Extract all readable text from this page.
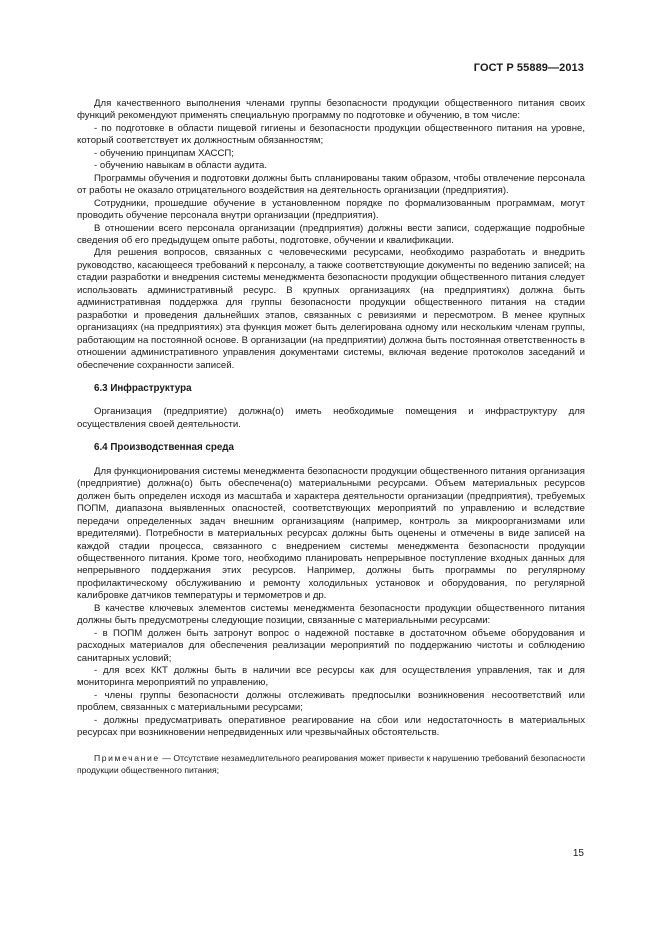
ГОСТ Р 55889—2013

Для качественного выполнения членами группы безопасности продукции общественного питания своих функций рекомендуют применять специальную программу по подготовке и обучению, в том числе:

- по подготовке в области пищевой гигиены и безопасности продукции общественного питания на уровне, который соответствует их должностным обязанностям;

- обучению принципам ХАССП;

- обучению навыкам в области аудита.

Программы обучения и подготовки должны быть спланированы таким образом, чтобы отвлечение персонала от работы не оказало отрицательного воздействия на деятельность организации (предприятия).

Сотрудники, прошедшие обучение в установленном порядке по формализованным программам, могут проводить обучение персонала внутри организации (предприятия).

В отношении всего персонала организации (предприятия) должны вести записи, содержащие подробные сведения об его предыдущем опыте работы, подготовке, обучении и квалификации.

Для решения вопросов, связанных с человеческими ресурсами, необходимо разработать и внедрить руководство, касающееся требований к персоналу, а также соответствующие документы по ведению записей; на стадии разработки и внедрения системы менеджмента безопасности продукции общественного питания следует использовать административный ресурс. В крупных организациях (на предприятиях) должна быть административная поддержка для группы безопасности продукции общественного питания на стадии разработки и проведения дальнейших этапов, связанных с ревизиями и пересмотром. В менее крупных организациях (на предприятиях) эта функция может быть делегирована одному или нескольким членам группы, работающим на постоянной основе. В организации (на предприятии) должна быть постоянная ответственность в отношении административного управления документами системы, включая ведение протоколов заседаний и обеспечение сохранности записей.

6.3 Инфраструктура

Организация (предприятие) должна(о) иметь необходимые помещения и инфраструктуру для осуществления своей деятельности.

6.4 Производственная среда

Для функционирования системы менеджмента безопасности продукции общественного питания организация (предприятие) должна(о) быть обеспечена(о) материальными ресурсами. Объем материальных ресурсов должен быть определен исходя из масштаба и характера деятельности организации (предприятия), требуемых ПОПМ, диапазона выявленных опасностей, соответствующих мероприятий по управлению и вследствие передачи определенных задач внешним организациям (например, контроль за микроорганизмами или вредителями). Потребности в материальных ресурсах должны быть оценены и отмечены в виде записей на каждой стадии процесса, связанного с внедрением системы менеджмента безопасности продукции общественного питания. Кроме того, необходимо планировать непрерывное поступление входных данных для непрерывного поддержания этих ресурсов. Например, должны быть программы по регулярному профилактическому обслуживанию и ремонту холодильных установок и оборудования, по регулярной калибровке датчиков температуры и термометров и др.

В качестве ключевых элементов системы менеджмента безопасности продукции общественного питания должны быть предусмотрены следующие позиции, связанные с материальными ресурсами:

- в ПОПМ должен быть затронут вопрос о надежной поставке в достаточном объеме оборудования и расходных материалов для обеспечения реализации мероприятий по поддержанию чистоты и соблюдению санитарных условий;

- для всех ККТ должны быть в наличии все ресурсы как для осуществления управления, так и для мониторинга мероприятий по управлению,

- члены группы безопасности должны отслеживать предпосылки возникновения несоответствий или проблем, связанных с материальными ресурсами;

- должны предусматривать оперативное реагирование на сбои или недостаточность в материальных ресурсах при возникновении непредвиденных или чрезвычайных обстоятельств.

Примечание — Отсутствие незамедлительного реагирования может привести к нарушению требований безопасности продукции общественного питания;

15
